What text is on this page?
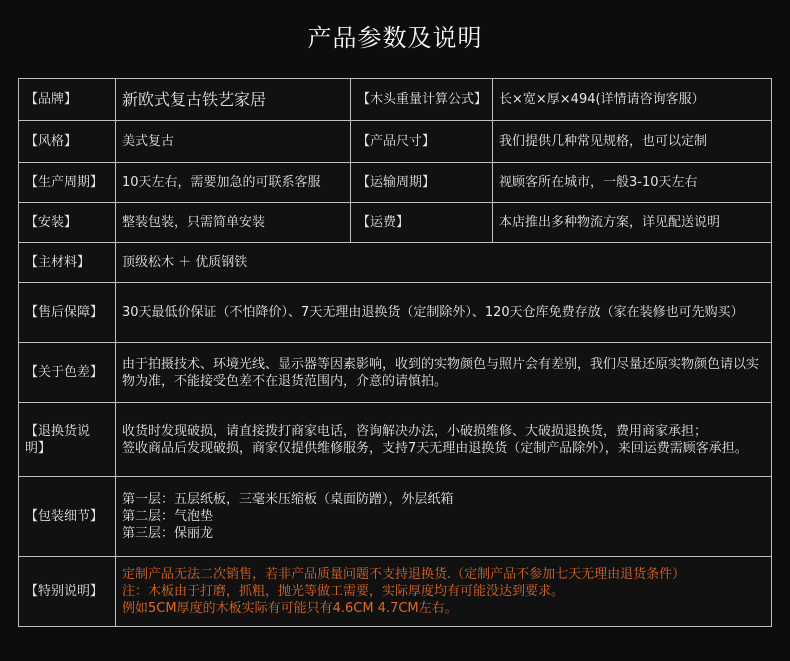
产品参数及说明
【品牌】	新欧式复古铁艺家居	【木头重量计算公式】	长×宽×厚×494(详情请咨询客服）
【风格】	美式复古	【产品尺寸】	我们提供几种常见规格，也可以定制
【生产周期】	10天左右，需要加急的可联系客服	【运输周期】	视顾客所在城市，一般3-10天左右
【安装】	整装包装，只需简单安装	【运费】	本店推出多种物流方案，详见配送说明
【主材料】	顶级松木 ＋ 优质钢铁		

【售后保障】	30天最低价保证（不怕降价）、7天无理由退换货（定制除外）、120天仓库免费存放（家在装修也可先购买）		

【关于色差】	由于拍摄技术、环境光线、显示器等因素影响，收到的实物颜色与照片会有差别，我们尽量还原实物颜色请以实物为准，不能接受色差不在退货范围内，介意的请慎拍。		

【退换货说明】	收货时发现破损，请直接拨打商家电话，咨询解决办法，小破损维修、大破损退换货，费用商家承担；
签收商品后发现破损，商家仅提供维修服务，支持7天无理由退换货（定制产品除外），来回运费需顾客承担。		

【包装细节】	第一层：五层纸板，三毫米压缩板（桌面防蹭），外层纸箱
第二层：气泡垫
第三层：保丽龙		

【特别说明】	定制产品无法二次销售，若非产品质量问题不支持退换货.（定制产品不参加七天无理由退货条件）
注：木板由于打磨，抓粗，抛光等做工需要，实际厚度均有可能没达到要求。
例如5CM厚度的木板实际有可能只有4.6CM 4.7CM左右。		
